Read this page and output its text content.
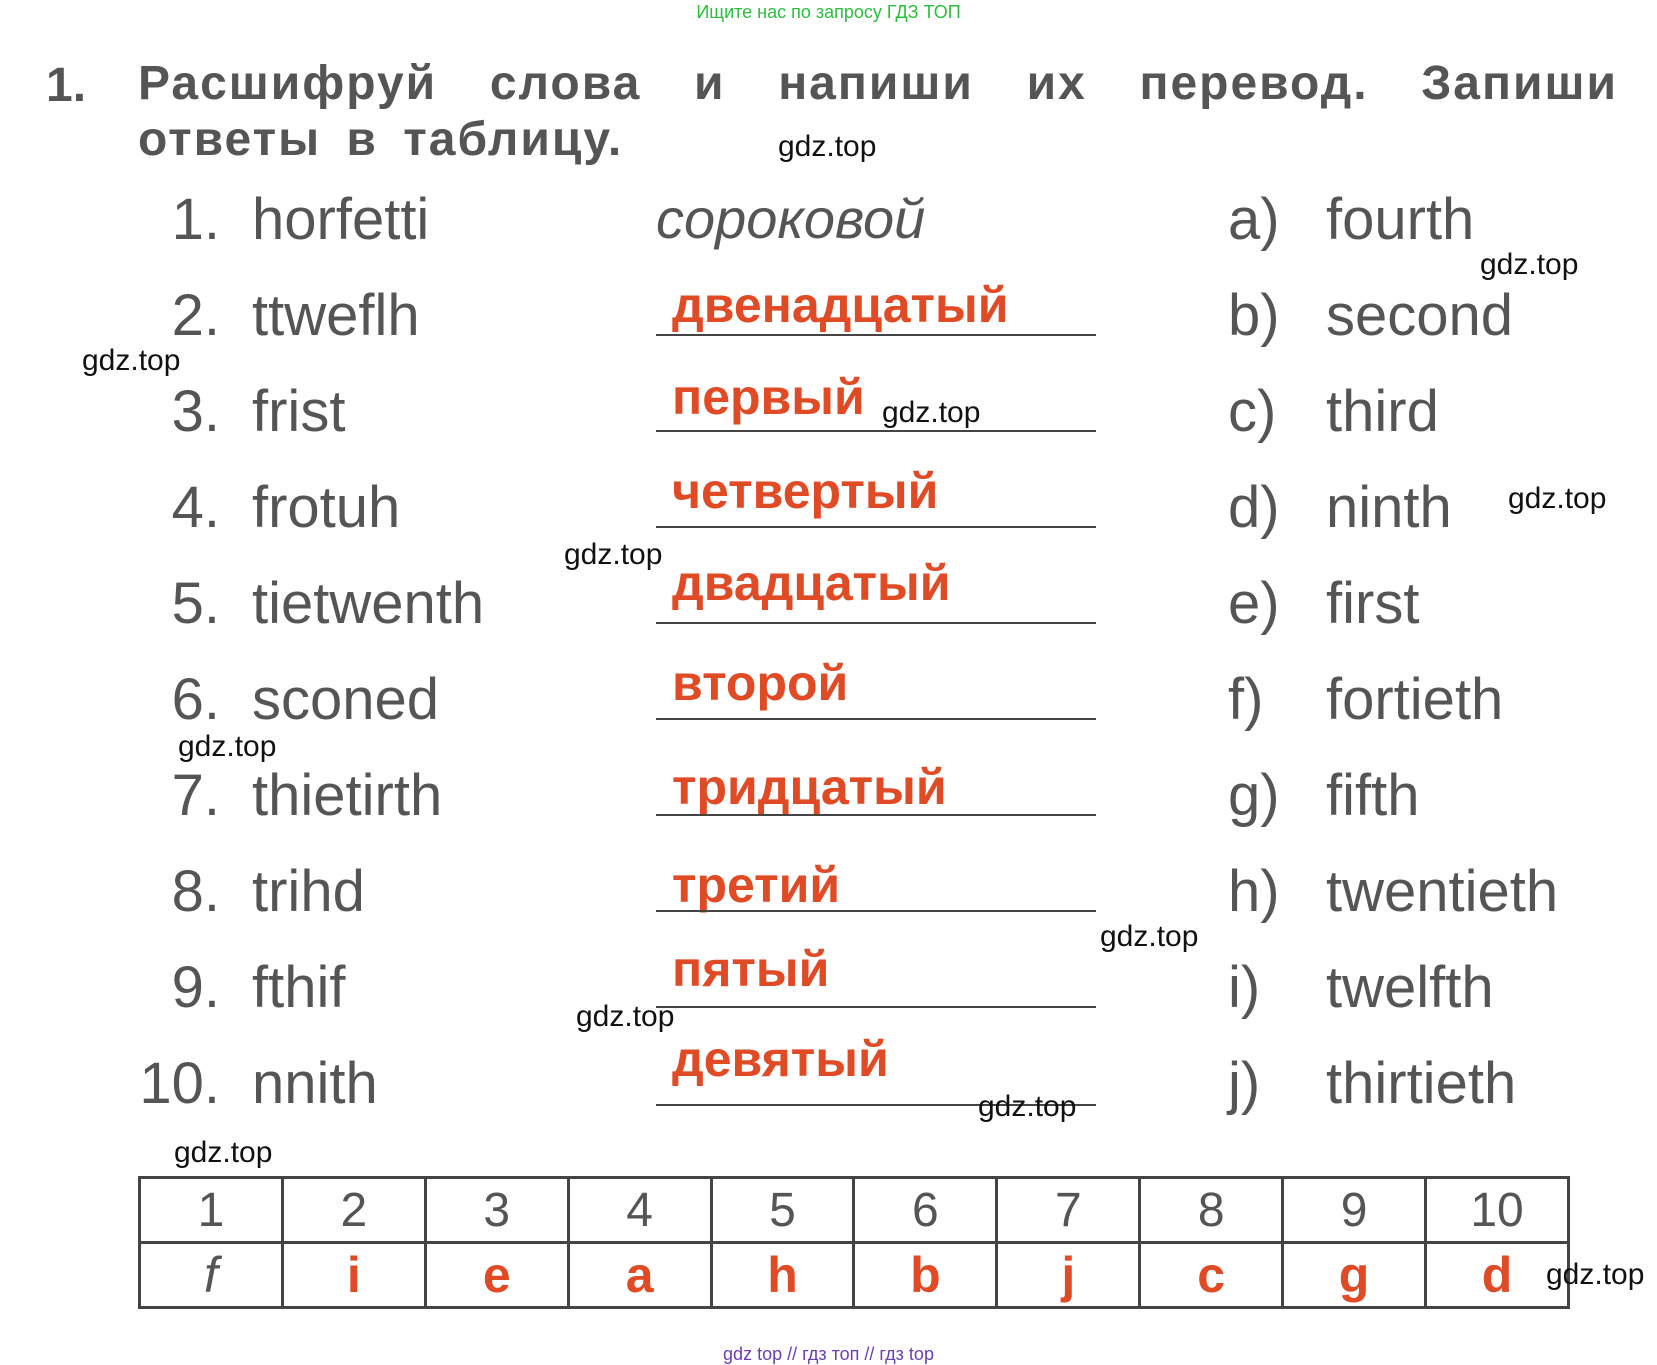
Ищите нас по запросу ГДЗ ТОП
1. Расшифруй слова и напиши их перевод. Запиши ответы в таблицу.
1. horfetti	сороковой
2. ttweflh	двенадцатый
3. frist	первый
4. frotuh	четвертый
5. tietwenth	двадцатый
6. sconed	второй
7. thietirth	тридцатый
8. trihd	третий
9. fthif	пятый
10. nnith	девятый
a) fourth
b) second
c) third
d) ninth
e) first
f) fortieth
g) fifth
h) twentieth
i) twelfth
j) thirtieth
1	2	3	4	5	6	7	8	9	10
f	i	e	a	h	b	j	c	g	d
gdz.top
gdz.top
gdz.top
gdz.top
gdz.top
gdz.top
gdz.top
gdz.top
gdz.top
gdz.top
gdz.top
gdz.top
gdz top // гдз топ // гдз top
